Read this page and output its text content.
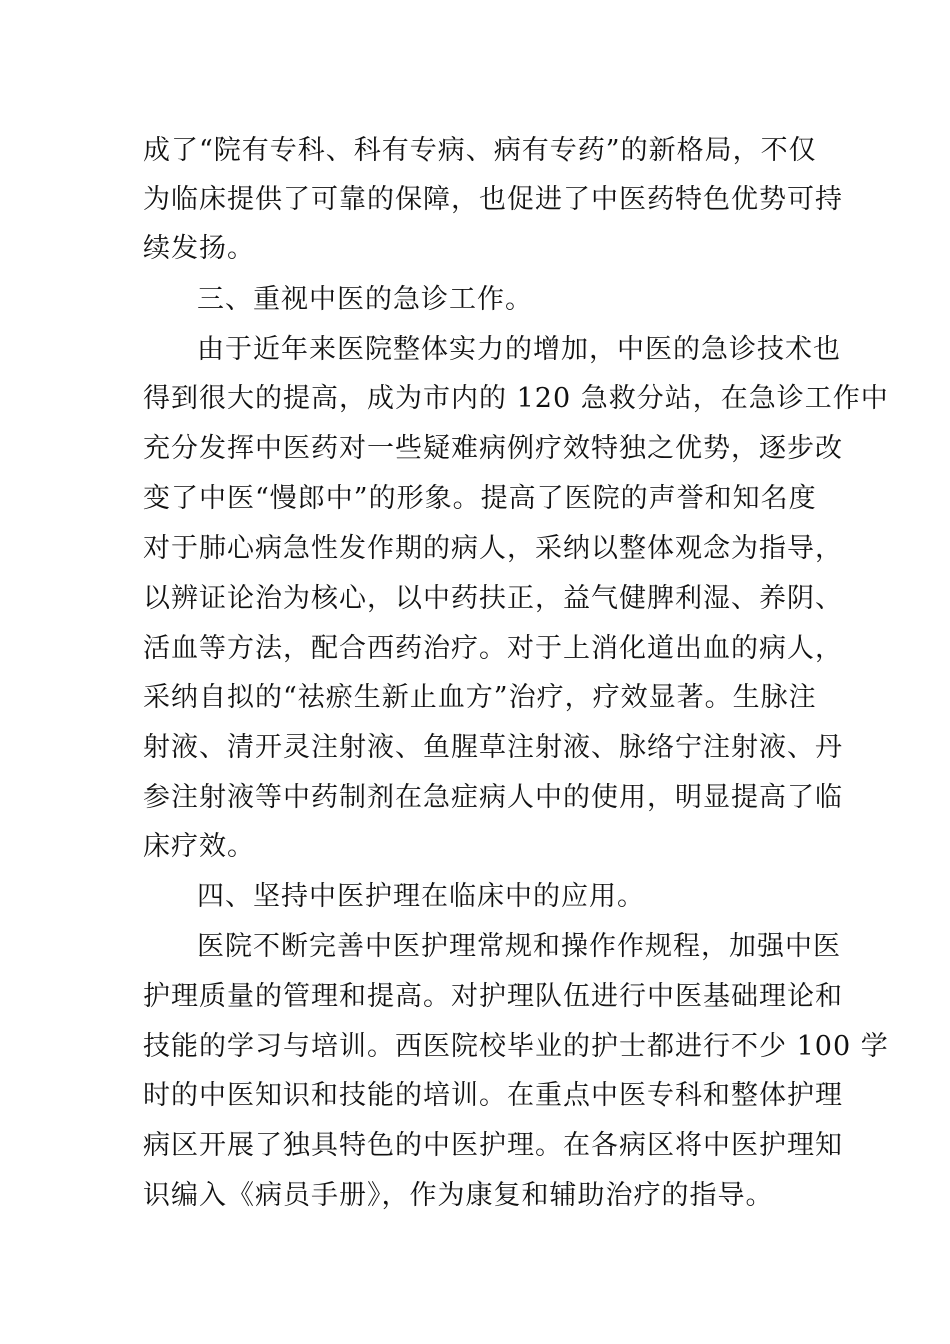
成了“院有专科、科有专病、病有专药”的新格局，不仅
为临床提供了可靠的保障，也促进了中医药特色优势可持
续发扬。
三、重视中医的急诊工作。
由于近年来医院整体实力的增加，中医的急诊技术也
得到很大的提高，成为市内的 120 急救分站，在急诊工作中
充分发挥中医药对一些疑难病例疗效特独之优势，逐步改
变了中医“慢郎中”的形象。提高了医院的声誉和知名度
对于肺心病急性发作期的病人，采纳以整体观念为指导，
以辨证论治为核心，以中药扶正，益气健脾利湿、养阴、
活血等方法，配合西药治疗。对于上消化道出血的病人，
采纳自拟的“祛瘀生新止血方”治疗，疗效显著。生脉注
射液、清开灵注射液、鱼腥草注射液、脉络宁注射液、丹
参注射液等中药制剂在急症病人中的使用，明显提高了临
床疗效。
四、坚持中医护理在临床中的应用。
医院不断完善中医护理常规和操作作规程，加强中医
护理质量的管理和提高。对护理队伍进行中医基础理论和
技能的学习与培训。西医院校毕业的护士都进行不少 100 学
时的中医知识和技能的培训。在重点中医专科和整体护理
病区开展了独具特色的中医护理。在各病区将中医护理知
识编入《病员手册》，作为康复和辅助治疗的指导。
